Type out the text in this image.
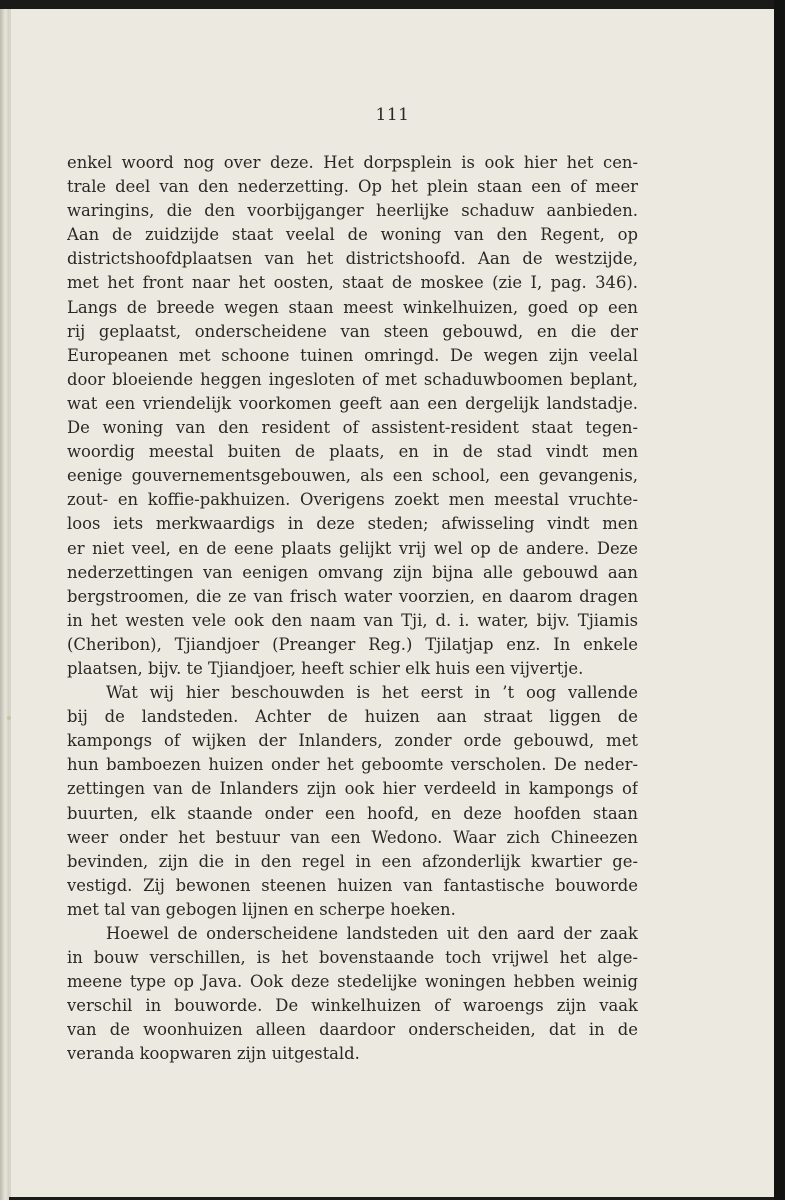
111
enkel woord nog over deze. Het dorpsplein is ook hier het cen-
trale deel van den nederzetting. Op het plein staan een of meer
waringins, die den voorbijganger heerlijke schaduw aanbieden.
Aan de zuidzijde staat veelal de woning van den Regent, op
districtshoofdplaatsen van het districtshoofd. Aan de westzijde,
met het front naar het oosten, staat de moskee (zie I, pag. 346).
Langs de breede wegen staan meest winkelhuizen, goed op een
rij geplaatst, onderscheidene van steen gebouwd, en die der
Europeanen met schoone tuinen omringd. De wegen zijn veelal
door bloeiende heggen ingesloten of met schaduwboomen beplant,
wat een vriendelijk voorkomen geeft aan een dergelijk landstadje.
De woning van den resident of assistent-resident staat tegen-
woordig meestal buiten de plaats, en in de stad vindt men
eenige gouvernementsgebouwen, als een school, een gevangenis,
zout- en koffie-pakhuizen. Overigens zoekt men meestal vruchte-
loos iets merkwaardigs in deze steden; afwisseling vindt men
er niet veel, en de eene plaats gelijkt vrij wel op de andere. Deze
nederzettingen van eenigen omvang zijn bijna alle gebouwd aan
bergstroomen, die ze van frisch water voorzien, en daarom dragen
in het westen vele ook den naam van Tji, d. i. water, bijv. Tjiamis
(Cheribon), Tjiandjoer (Preanger Reg.) Tjilatjap enz. In enkele
plaatsen, bijv. te Tjiandjoer, heeft schier elk huis een vijvertje.
Wat wij hier beschouwden is het eerst in ’t oog vallende
bij de landsteden. Achter de huizen aan straat liggen de
kampongs of wijken der Inlanders, zonder orde gebouwd, met
hun bamboezen huizen onder het geboomte verscholen. De neder-
zettingen van de Inlanders zijn ook hier verdeeld in kampongs of
buurten, elk staande onder een hoofd, en deze hoofden staan
weer onder het bestuur van een Wedono. Waar zich Chineezen
bevinden, zijn die in den regel in een afzonderlijk kwartier ge-
vestigd. Zij bewonen steenen huizen van fantastische bouworde
met tal van gebogen lijnen en scherpe hoeken.
Hoewel de onderscheidene landsteden uit den aard der zaak
in bouw verschillen, is het bovenstaande toch vrijwel het alge-
meene type op Java. Ook deze stedelijke woningen hebben weinig
verschil in bouworde. De winkelhuizen of waroengs zijn vaak
van de woonhuizen alleen daardoor onderscheiden, dat in de
veranda koopwaren zijn uitgestald.
